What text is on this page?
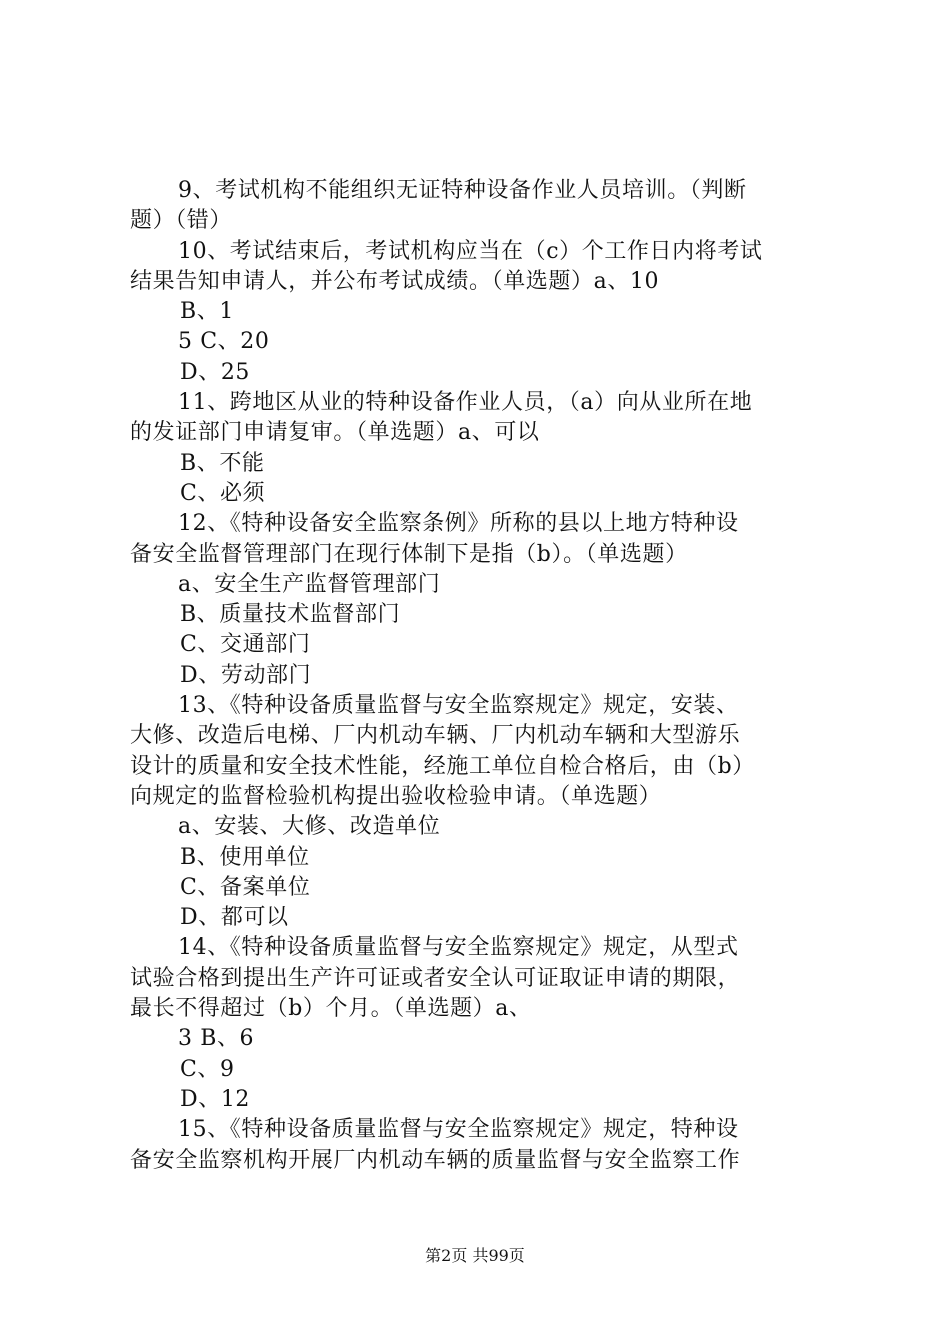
9、考试机构不能组织无证特种设备作业人员培训。（判断
题）（错）
10、考试结束后，考试机构应当在（c）个工作日内将考试
结果告知申请人，并公布考试成绩。（单选题）a、10
B、1
5 C、20
D、25
11、跨地区从业的特种设备作业人员，（a）向从业所在地
的发证部门申请复审。（单选题）a、可以
B、不能
C、必须
12、《特种设备安全监察条例》所称的县以上地方特种设
备安全监督管理部门在现行体制下是指（b）。（单选题）
a、安全生产监督管理部门
B、质量技术监督部门
C、交通部门
D、劳动部门
13、《特种设备质量监督与安全监察规定》规定，安装、
大修、改造后电梯、厂内机动车辆、厂内机动车辆和大型游乐
设计的质量和安全技术性能，经施工单位自检合格后，由（b）
向规定的监督检验机构提出验收检验申请。（单选题）
a、安装、大修、改造单位
B、使用单位
C、备案单位
D、都可以
14、《特种设备质量监督与安全监察规定》规定，从型式
试验合格到提出生产许可证或者安全认可证取证申请的期限，
最长不得超过（b）个月。（单选题）a、
3 B、6
C、9
D、12
15、《特种设备质量监督与安全监察规定》规定，特种设
备安全监察机构开展厂内机动车辆的质量监督与安全监察工作
第2页 共99页
